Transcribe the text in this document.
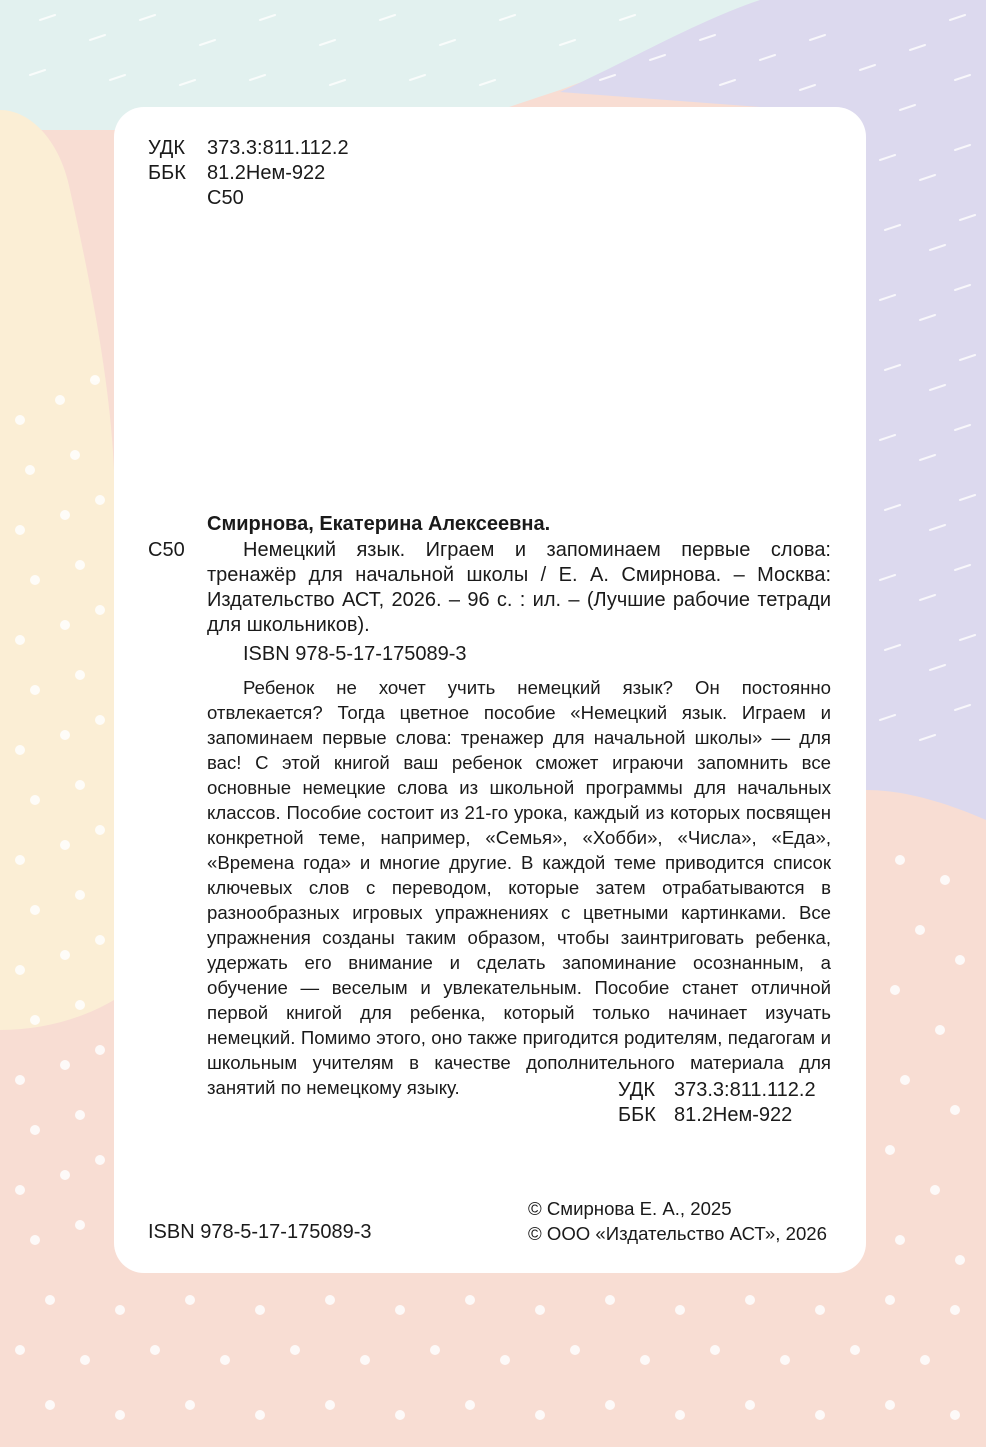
УДК 373.3:811.112.2
ББК 81.2Нем-922
С50
Смирнова, Екатерина Алексеевна.
С50	Немецкий язык. Играем и запоминаем первые слова: тренажёр для начальной школы / Е. А. Смирнова. – Москва: Издательство АСТ, 2026. – 96 с. : ил. – (Лучшие рабочие тетради для школьников).

ISBN 978-5-17-175089-3

Ребенок не хочет учить немецкий язык? Он постоянно отвлекается? Тогда цветное пособие «Немецкий язык. Играем и запоминаем первые слова: тренажер для начальной школы» — для вас! С этой книгой ваш ребенок сможет играючи запомнить все основные немецкие слова из школьной программы для начальных классов. Пособие состоит из 21-го урока, каждый из которых посвящен конкретной теме, например, «Семья», «Хобби», «Числа», «Еда», «Времена года» и многие другие. В каждой теме приводится список ключевых слов с переводом, которые затем отрабатываются в разнообразных игровых упражнениях с цветными картинками. Все упражнения созданы таким образом, чтобы заинтриговать ребенка, удержать его внимание и сделать запоминание осознанным, а обучение — веселым и увлекательным. Пособие станет отличной первой книгой для ребенка, который только начинает изучать немецкий. Помимо этого, оно также пригодится родителям, педагогам и школьным учителям в качестве дополнительного материала для занятий по немецкому языку.	УДК 373.3:811.112.2
ББК 81.2Нем-922
ISBN 978-5-17-175089-3
© Смирнова Е. А., 2025
© ООО «Издательство АСТ», 2026
